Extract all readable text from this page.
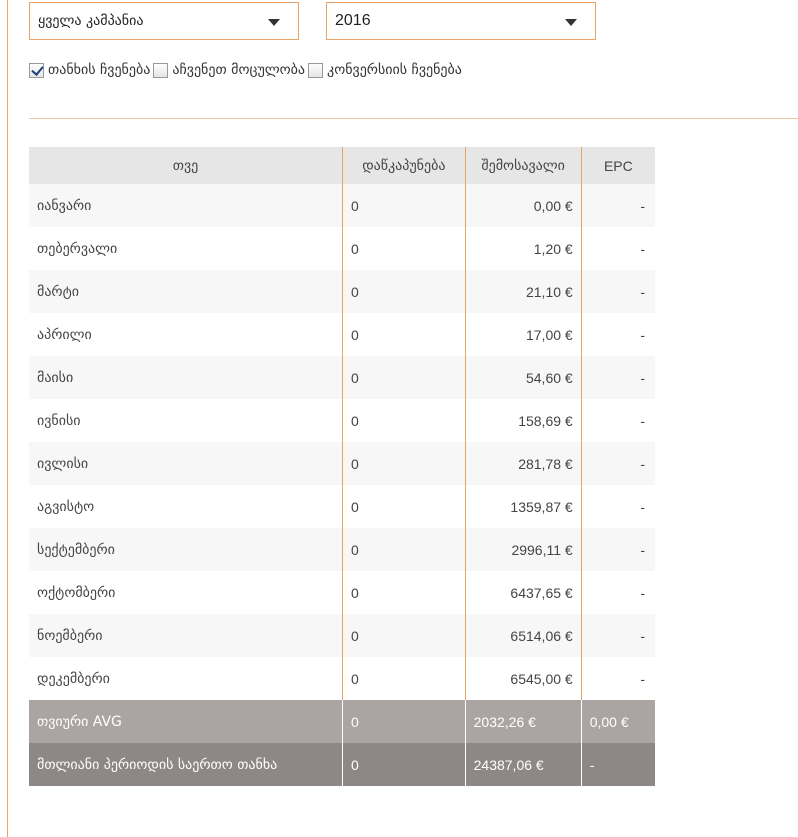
ყველა კამპანია	2016
თანხის ჩვენება აჩვენეთ მოცულობა კონვერსიის ჩვენება
თვე	დაწკაპუნება	შემოსავალი	EPC
იანვარი	0	0,00 €	-
თებერვალი	0	1,20 €	-
მარტი	0	21,10 €	-
აპრილი	0	17,00 €	-
მაისი	0	54,60 €	-
ივნისი	0	158,69 €	-
ივლისი	0	281,78 €	-
აგვისტო	0	1359,87 €	-
სექტემბერი	0	2996,11 €	-
ოქტომბერი	0	6437,65 €	-
ნოემბერი	0	6514,06 €	-
დეკემბერი	0	6545,00 €	-
თვიური AVG	0	2032,26 €	0,00 €
მთლიანი პერიოდის საერთო თანხა	0	24387,06 €	-
